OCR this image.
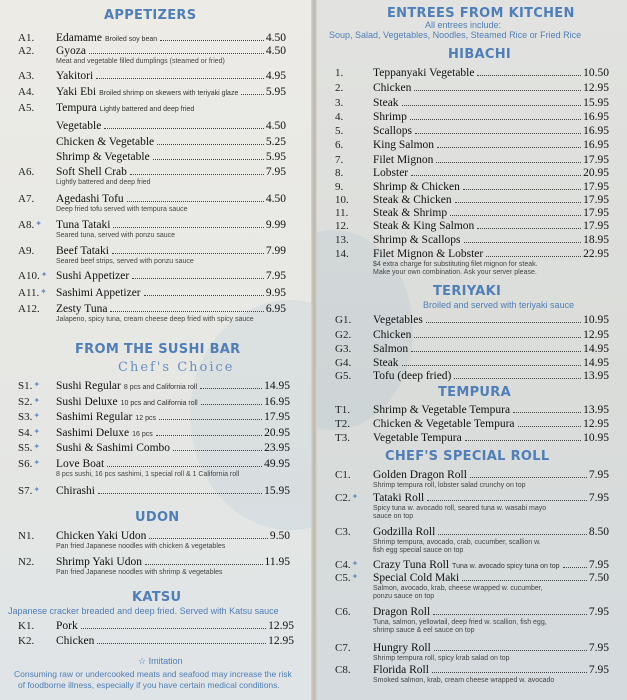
APPETIZERS
A1. Edamame Broiled soy bean	4.50
A2. Gyoza	4.50
Meat and vegetable filled dumplings (steamed or fried)
A3. Yakitori	4.95
A4. Yaki Ebi Broiled shrimp on skewers with teriyaki glaze 5.95
A5. Tempura Lightly battered and deep fried
Vegetable	4.50
Chicken & Vegetable	5.25
Shrimp & Vegetable	5.95
A6. Soft Shell Crab	7.95
Lightly battered and deep fried
A7. Agedashi Tofu	4.50
Deep fried tofu served with tempura sauce
A8.✦ Tuna Tataki	9.99
Seared tuna, served with ponzu sauce
A9. Beef Tataki	7.99
Seared beef strips, served with ponzu sauce
A10.✦ Sushi Appetizer	7.95
A11.✦ Sashimi Appetizer	9.95
A12. Zesty Tuna	6.95
Jalapeno, spicy tuna, cream cheese deep fried with spicy sauce
FROM THE SUSHI BAR
Chef's Choice
S1.✦ Sushi Regular 8 pcs and California roll	14.95
S2.✦ Sushi Deluxe 10 pcs and California roll	16.95
S3.✦ Sashimi Regular 12 pcs	17.95
S4.✦ Sashimi Deluxe 16 pcs	20.95
S5.✦ Sushi & Sashimi Combo	23.95
S6.✦ Love Boat	49.95
8 pcs sushi, 16 pcs sashimi, 1 special roll & 1 California roll
S7.✦ Chirashi	15.95
UDON
N1. Chicken Yaki Udon	9.50
Pan fried Japanese noodles with chicken & vegetables
N2. Shrimp Yaki Udon	11.95
Pan fried Japanese noodles with shrimp & vegetables
KATSU
Japanese cracker breaded and deep fried. Served with Katsu sauce
K1. Pork	12.95
K2. Chicken	12.95
☆ Imitation
Consuming raw or undercooked meats and seafood may increase the risk
of foodborne illness, especially if you have certain medical conditions.
ENTREES FROM KITCHEN
All entrees include:
Soup, Salad, Vegetables, Noodles, Steamed Rice or Fried Rice
HIBACHI
1.	Teppanyaki Vegetable	10.50
2.	Chicken	12.95
3.	Steak	15.95
4.	Shrimp	16.95
5.	Scallops	16.95
6.	King Salmon	16.95
7.	Filet Mignon	17.95
8.	Lobster	20.95
9.	Shrimp & Chicken	17.95
10. Steak & Chicken	17.95
11. Steak & Shrimp	17.95
12. Steak & King Salmon	17.95
13. Shrimp & Scallops	18.95
14. Filet Mignon & Lobster	22.95
$4 extra charge for substituting filet mignon for steak.
Make your own combination. Ask your server please.
TERIYAKI
Broiled and served with teriyaki sauce
G1. Vegetables	10.95
G2. Chicken	12.95
G3. Salmon	14.95
G4. Steak	14.95
G5. Tofu (deep fried)	13.95
TEMPURA
T1. Shrimp & Vegetable Tempura	13.95
T2. Chicken & Vegetable Tempura	12.95
T3. Vegetable Tempura	10.95
CHEF'S SPECIAL ROLL
C1. Golden Dragon Roll	7.95
Shrimp tempura roll, lobster salad crunchy on top
C2.✦ Tataki Roll	7.95
Spicy tuna w. avocado roll, seared tuna w. wasabi mayo
sauce on top
C3. Godzilla Roll	8.50
Shrimp tempura, avocado, crab, cucumber, scallion w.
fish egg special sauce on top
C4.✦ Crazy Tuna Roll Tuna w. avocado spicy tuna on top	7.95
C5.✦ Special Cold Maki	7.50
Salmon, avocado, krab, cheese wrapped w. cucumber,
ponzu sauce on top
C6. Dragon Roll	7.95
Tuna, salmon, yellowtail, deep fried w. scallion, fish egg,
shrimp sauce & eel sauce on top
C7. Hungry Roll	7.95
Shrimp tempura roll, spicy krab salad on top
C8. Florida Roll	7.95
Smoked salmon, krab, cream cheese wrapped w. avocado
